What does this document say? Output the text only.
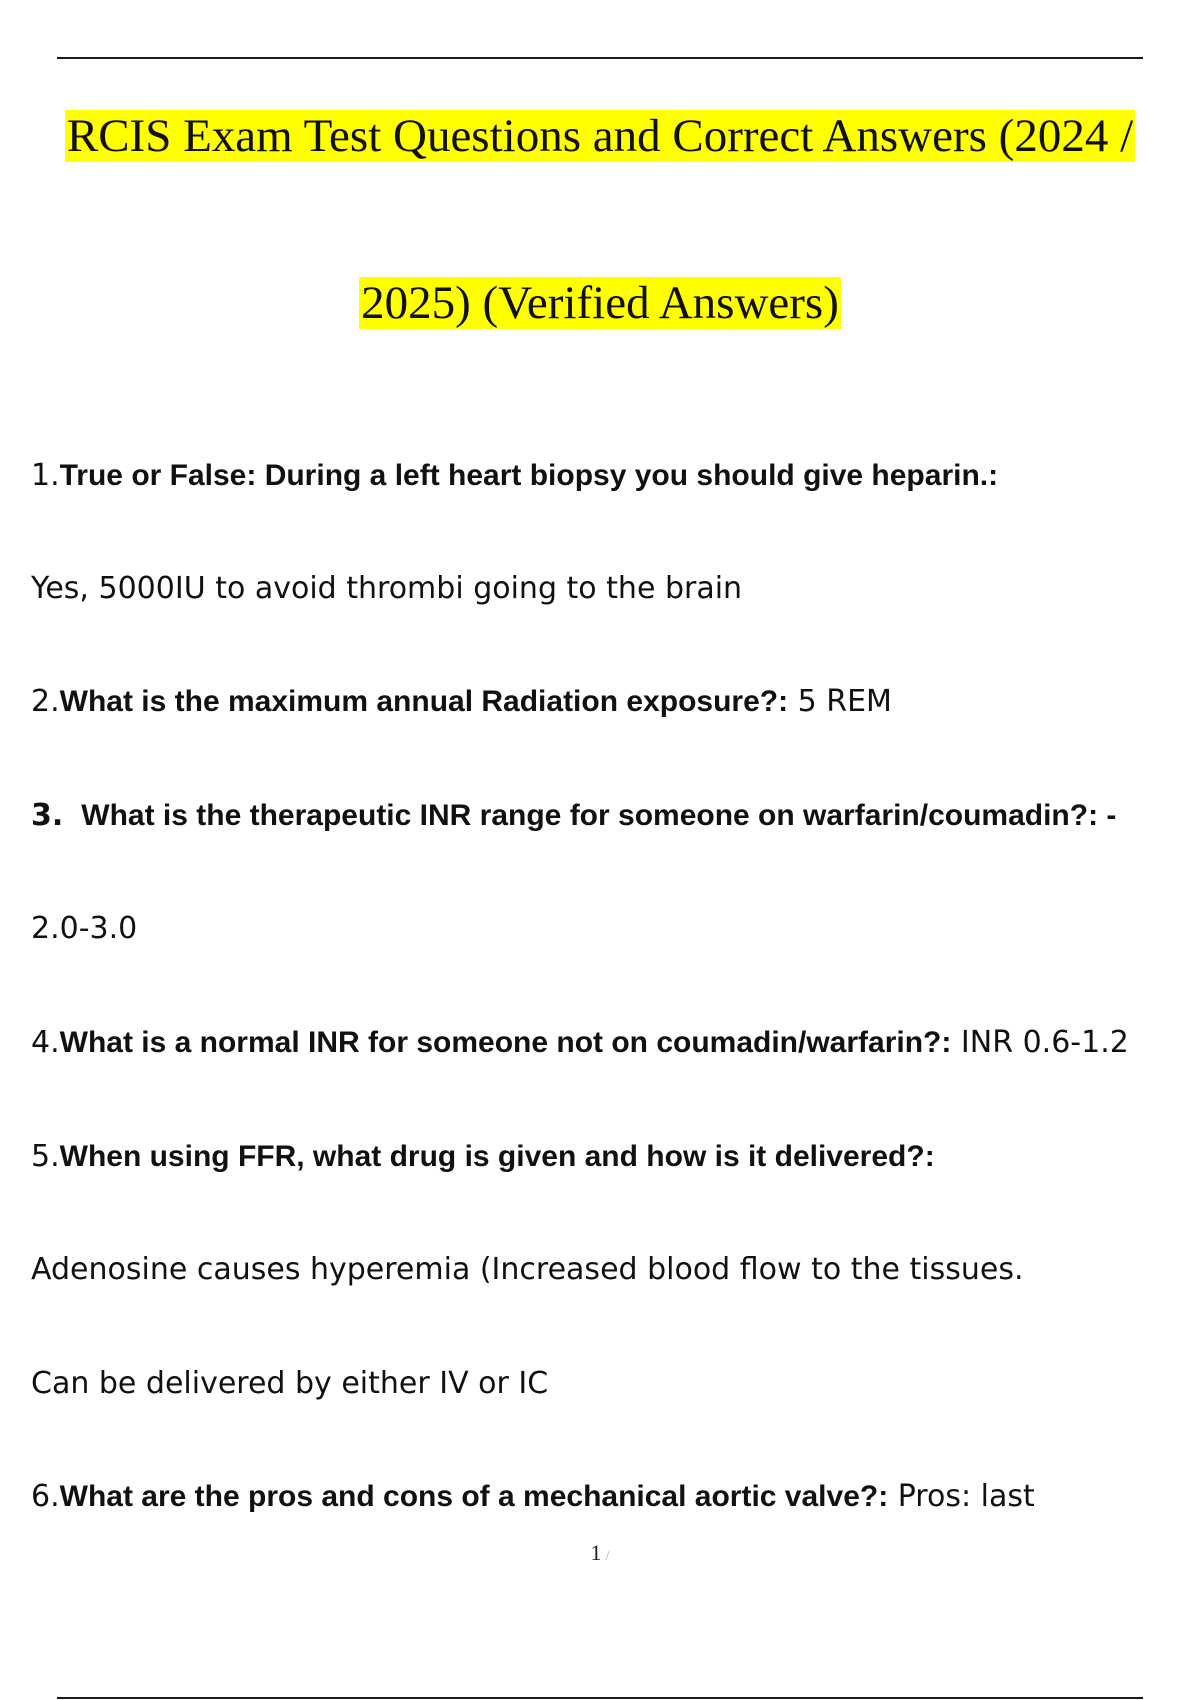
RCIS Exam Test Questions and Correct Answers (2024 /
2025) (Verified Answers)
1.True or False: During a left heart biopsy you should give heparin.:
Yes, 5000IU to avoid thrombi going to the brain
2.What is the maximum annual Radiation exposure?: 5 REM
3. What is the therapeutic INR range for someone on warfarin/coumadin?: -
2.0-3.0
4.What is a normal INR for someone not on coumadin/warfarin?: INR 0.6-1.2
5.When using FFR, what drug is given and how is it delivered?:
Adenosine causes hyperemia (Increased blood flow to the tissues.
Can be delivered by either IV or IC
6.What are the pros and cons of a mechanical aortic valve?: Pros: last
1 /
